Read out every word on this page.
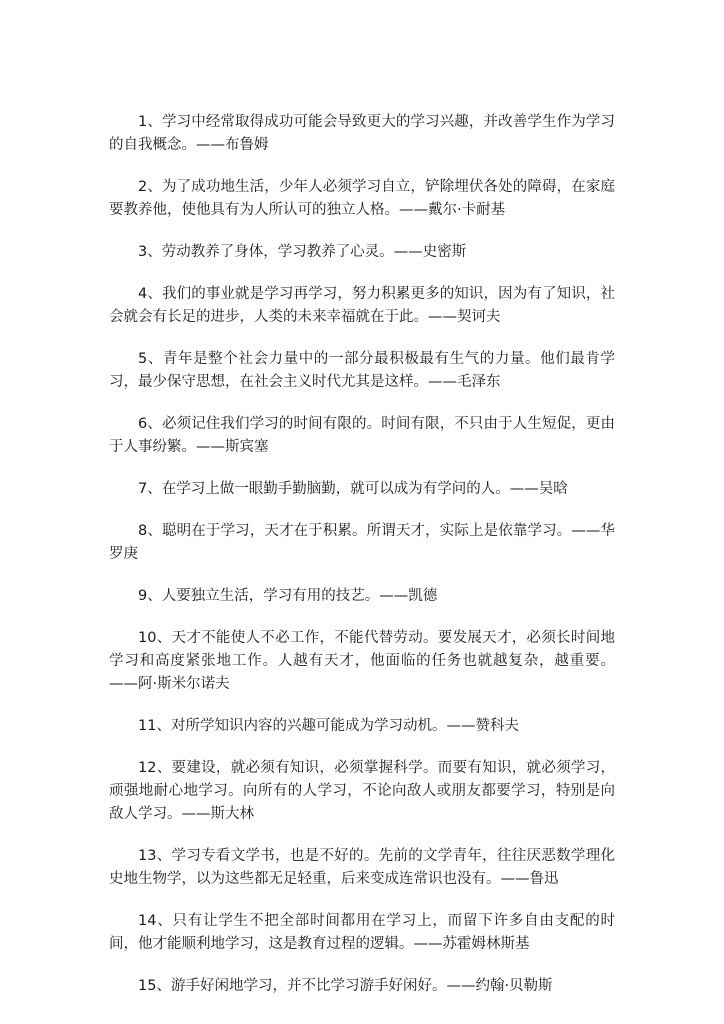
1、学习中经常取得成功可能会导致更大的学习兴趣，并改善学生作为学习的自我概念。——布鲁姆

2、为了成功地生活，少年人必须学习自立，铲除埋伏各处的障碍，在家庭要教养他，使他具有为人所认可的独立人格。——戴尔·卡耐基

3、劳动教养了身体，学习教养了心灵。——史密斯

4、我们的事业就是学习再学习，努力积累更多的知识，因为有了知识，社会就会有长足的进步，人类的未来幸福就在于此。——契诃夫

5、青年是整个社会力量中的一部分最积极最有生气的力量。他们最肯学习，最少保守思想，在社会主义时代尤其是这样。——毛泽东

6、必须记住我们学习的时间有限的。时间有限，不只由于人生短促，更由于人事纷繁。——斯宾塞

7、在学习上做一眼勤手勤脑勤，就可以成为有学问的人。——吴晗

8、聪明在于学习，天才在于积累。所谓天才，实际上是依靠学习。——华罗庚

9、人要独立生活，学习有用的技艺。——凯德

10、天才不能使人不必工作，不能代替劳动。要发展天才，必须长时间地学习和高度紧张地工作。人越有天才，他面临的任务也就越复杂，越重要。——阿·斯米尔诺夫

11、对所学知识内容的兴趣可能成为学习动机。——赞科夫

12、要建设，就必须有知识，必须掌握科学。而要有知识，就必须学习，顽强地耐心地学习。向所有的人学习，不论向敌人或朋友都要学习，特别是向敌人学习。——斯大林

13、学习专看文学书，也是不好的。先前的文学青年，往往厌恶数学理化史地生物学，以为这些都无足轻重，后来变成连常识也没有。——鲁迅

14、只有让学生不把全部时间都用在学习上，而留下许多自由支配的时间，他才能顺利地学习，这是教育过程的逻辑。——苏霍姆林斯基

15、游手好闲地学习，并不比学习游手好闲好。——约翰·贝勒斯
